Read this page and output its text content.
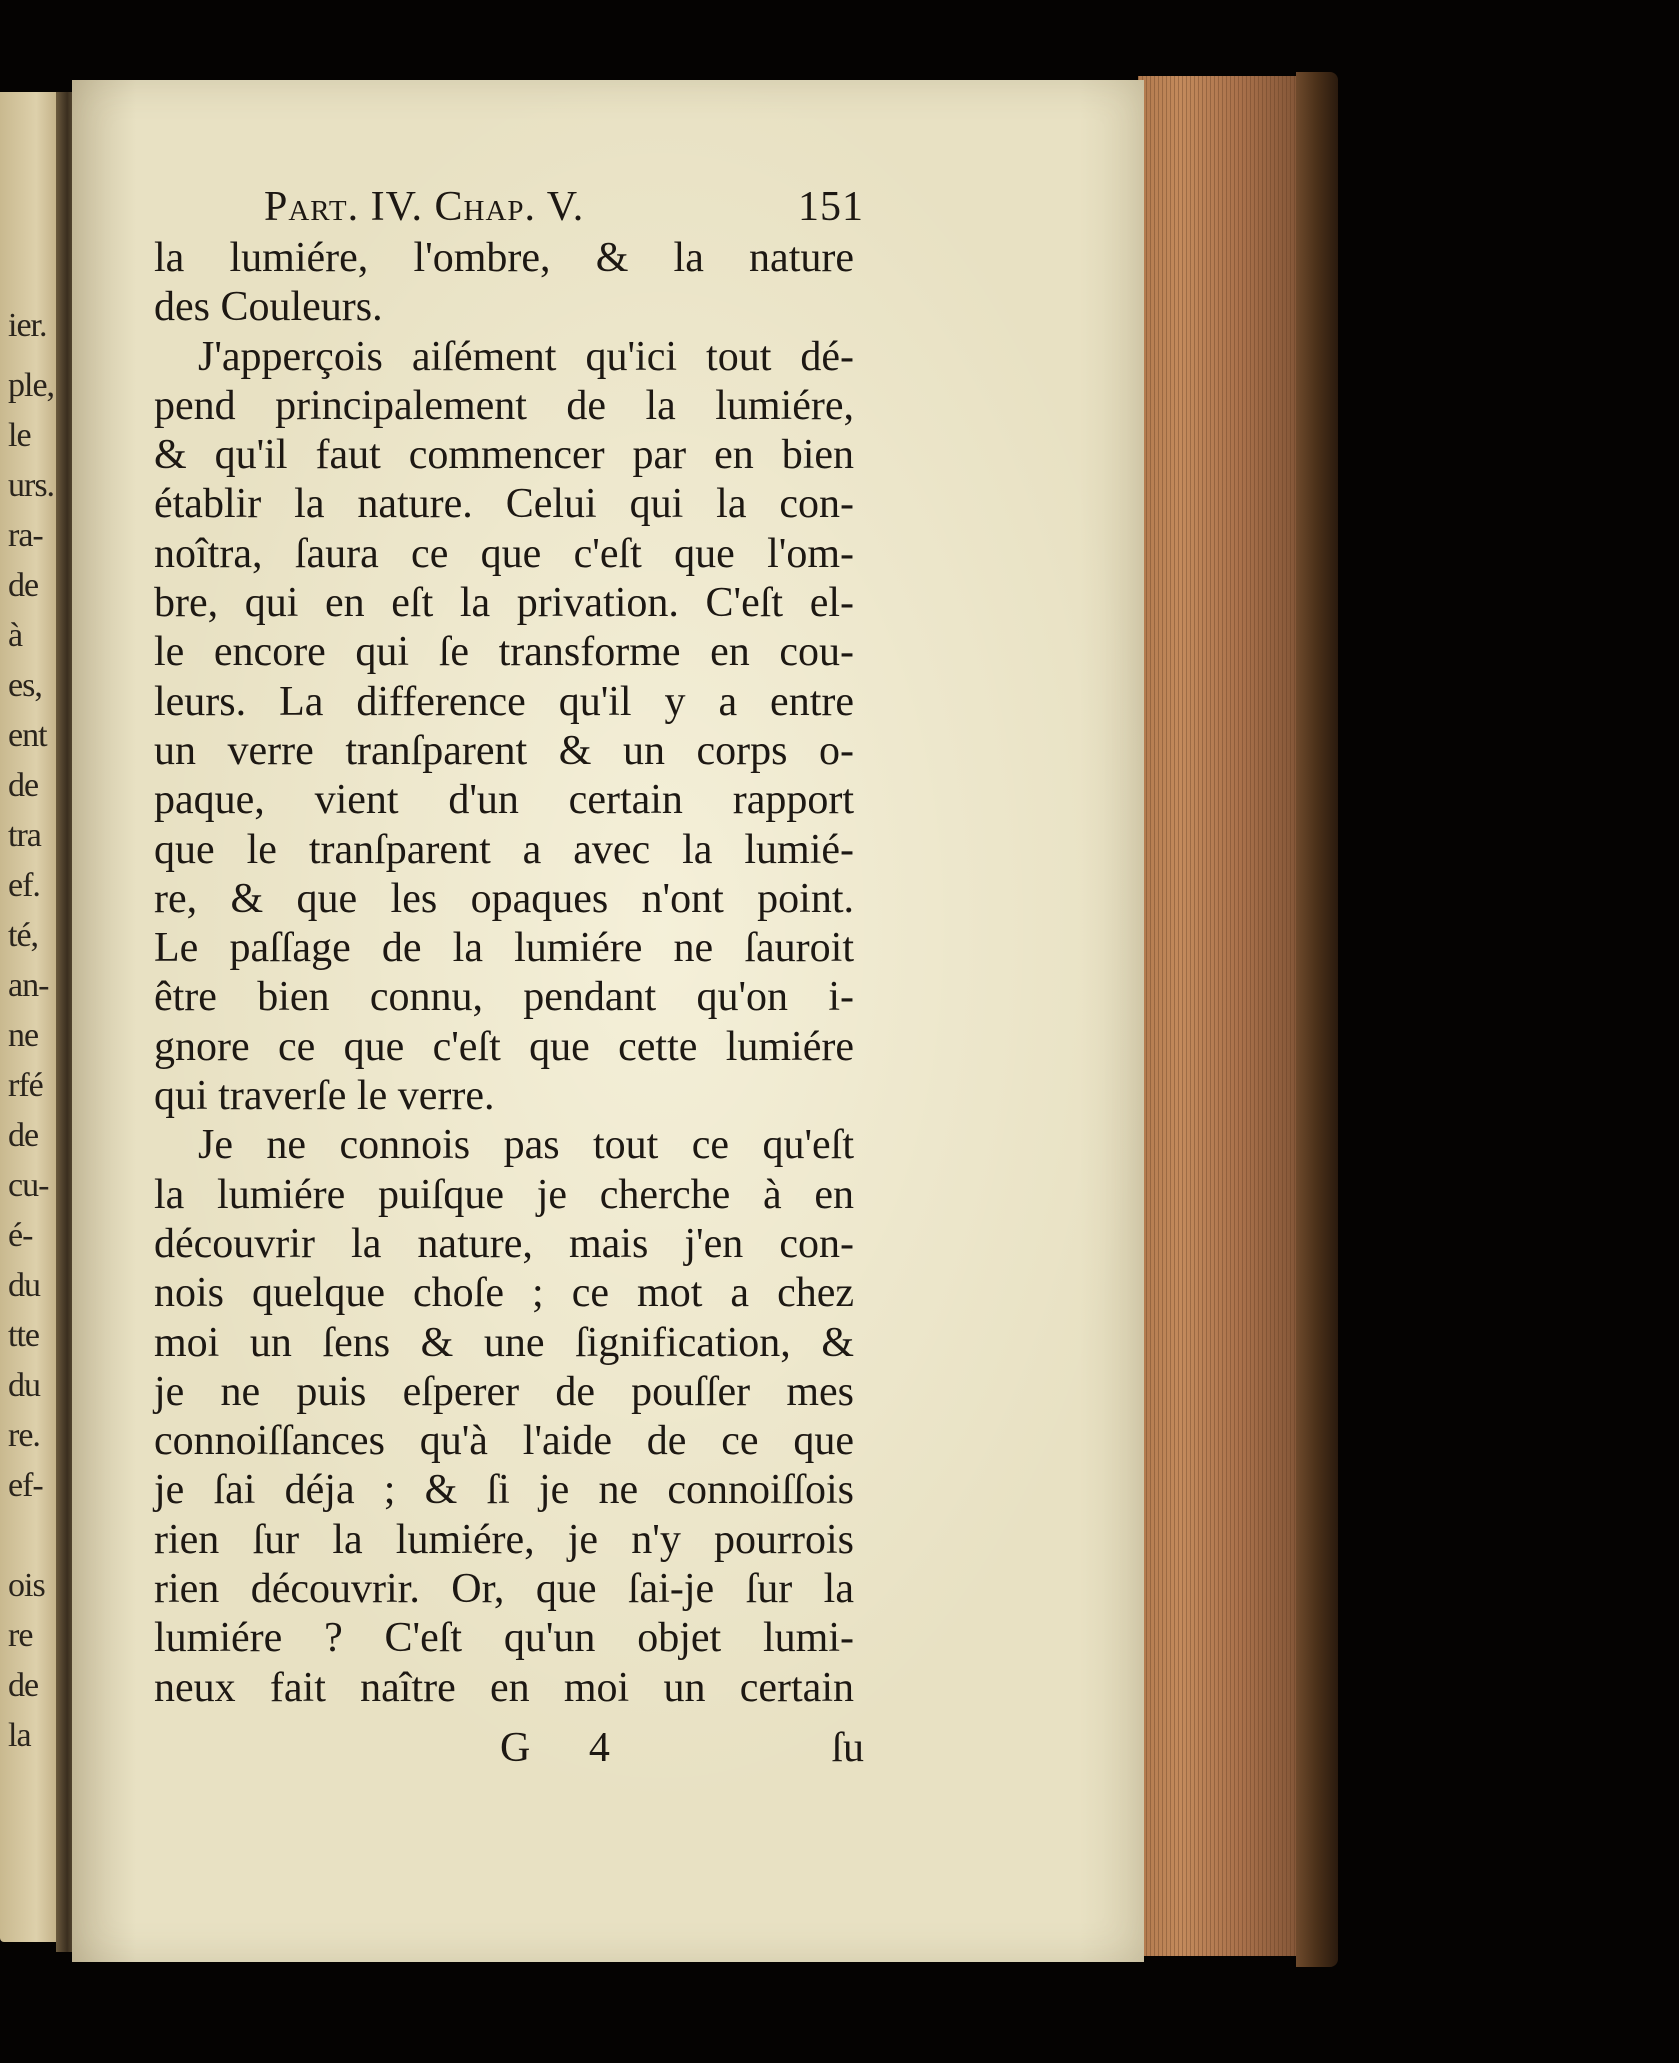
ier.
ple,
le
urs.
ra-
de
à
es,
ent
de
tra
ef.
té,
an-
ne
rfé
de
cu-
é-
du
tte
du
re.
ef-
ois
re
de
la
Part. IV. Chap. V.	151
la lumiére, l'ombre, & la nature
des Couleurs.
J'apperçois aiſément qu'ici tout dé-
pend principalement de la lumiére,
& qu'il faut commencer par en bien
établir la nature. Celui qui la con-
noîtra, ſaura ce que c'eſt que l'om-
bre, qui en eſt la privation. C'eſt el-
le encore qui ſe transforme en cou-
leurs. La difference qu'il y a entre
un verre tranſparent & un corps o-
paque, vient d'un certain rapport
que le tranſparent a avec la lumié-
re, & que les opaques n'ont point.
Le paſſage de la lumiére ne ſauroit
être bien connu, pendant qu'on i-
gnore ce que c'eſt que cette lumiére
qui traverſe le verre.
Je ne connois pas tout ce qu'eſt
la lumiére puiſque je cherche à en
découvrir la nature, mais j'en con-
nois quelque choſe ; ce mot a chez
moi un ſens & une ſignification, &
je ne puis eſperer de pouſſer mes
connoiſſances qu'à l'aide de ce que
je ſai déja ; & ſi je ne connoiſſois
rien ſur la lumiére, je n'y pourrois
rien découvrir. Or, que ſai-je ſur la
lumiére ? C'eſt qu'un objet lumi-
neux fait naître en moi un certain
G 4	ſu
